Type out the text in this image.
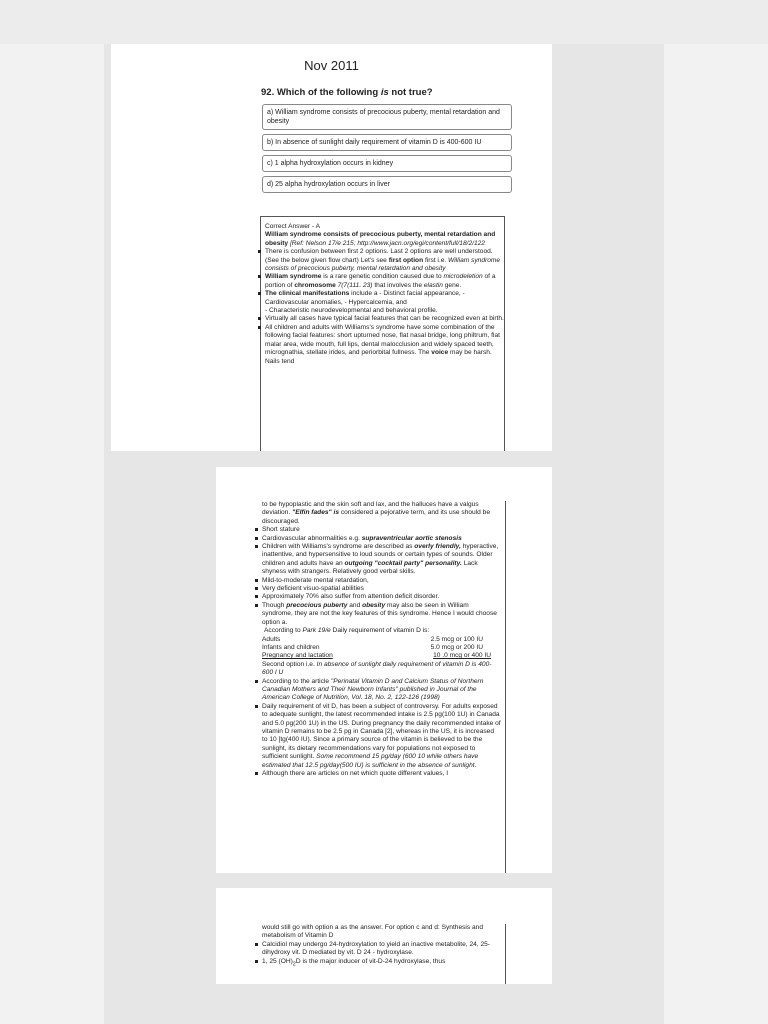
Nov 2011
92. Which of the following is not true?
a) William syndrome consists of precocious puberty, mental retardation and obesity
b) In absence of sunlight daily requirement of vitamin D is 400-600 IU
c) 1 alpha hydroxylation occurs in kidney
d) 25 alpha hydroxylation occurs in liver
Correct Answer - A
William syndrome consists of precocious puberty, mental retardation and obesity [Ref: Nelson 17/e 215; http://www.jacn.org/egi/content/full/18/2/122
There is confusion between first 2 options. Last 2 options are well understood. (See the below given flow chart) Let's see first option first i.e. William syndrome consists of precocious puberty, mental retardation and obesity
William syndrome is a rare genetic condition caused due to microdeletion of a portion of chromosome 7(7(111. 23) that involves the elastin gene.
The clinical manifestations include a - Distinct facial appearance, - Cardiovascular anomalies, - Hypercalcemia, and
- Characteristic neurodevelopmental and behavioral profile.
Virtually all cases have typical facial features that can be recognized even at birth.
All children and adults with Williams's syndrome have some combination of the following facial features: short upturned nose, flat nasal bridge, long philtrum, flat malar area, wide mouth, full lips, dental malocclusion and widely spaced teeth, micrognathia, stellate irides, and periorbital fullness. The voice may be harsh. Nails tend
to be hypoplastic and the skin soft and lax, and the halluces have a valgus deviation. "Elfin fades" is considered a pejorative term, and its use should be discouraged.
Short stature
Cardiovascular abnormalities e.g. supraventricular aortic stenosis
Children with Williams's syndrome are described as overly friendly, hyperactive, inattentive, and hypersensitive to loud sounds or certain types of sounds. Older children and adults have an outgoing "cocktail party" personality. Lack shyness with strangers. Relatively good verbal skills.
Mild-to-moderate mental retardation,
Very deficient visuo-spatial abilities
Approximately 70% also suffer from attention deficit disorder.
Though precocious puberty and obesity may also be seen in William syndrome, they are not the key features of this syndrome. Hence I would choose option a.
According to Park 19/e Daily requirement of vitamin D is:
Adults	2.5 mcg or 100 IU
Infants and children	5.0 mcg or 200 IU
Pregnancy and lactation	10 .0 mcg or 400 IU
Second option i.e. In absence of sunlight daily requirement of vitamin D is 400-600 I U
According to the article "Perinatal Vitamin D and Calcium Status of Northern Canadian Mothers and Their Newborn Infants" published in Journal of the American College of Nutrition, Vol. 18, No. 2, 122-126 (1998)
Daily requirement of vit D, has been a subject of controversy. For adults exposed to adequate sunlight, the latest recommended intake is 2.5 pg(100 1U) in Canada and 5.0 pg(200 1U) in the US. During pregnancy the daily recommended intake of vitamin D remains to be 2.5 pg in Canada [2], whereas in the US, it is increased to 10 [tg(400 IU). Since a primary source of the vitamin is believed to be the sunlight, its dietary recommendations vary for populations not exposed to sufficient sunlight. Some recommend 15 pg/day (600 10 while others have estimated that 12.5 pg/day(500 IU) is sufficient in the absence of sunlight.
Although there are articles on net which quote different values, I
would still go with option a as the answer. For option c and d: Synthesis and metabolism of Vitamin D
Calcidiol may undergo 24-hydroxylation to yield an inactive metabolite, 24, 25-dihydroxy vit. D mediated by vit. D 24 - hydroxylase.
1, 25 $(OH)_2D$ is the major inducer of vit-D-24 hydroxylase, thus
